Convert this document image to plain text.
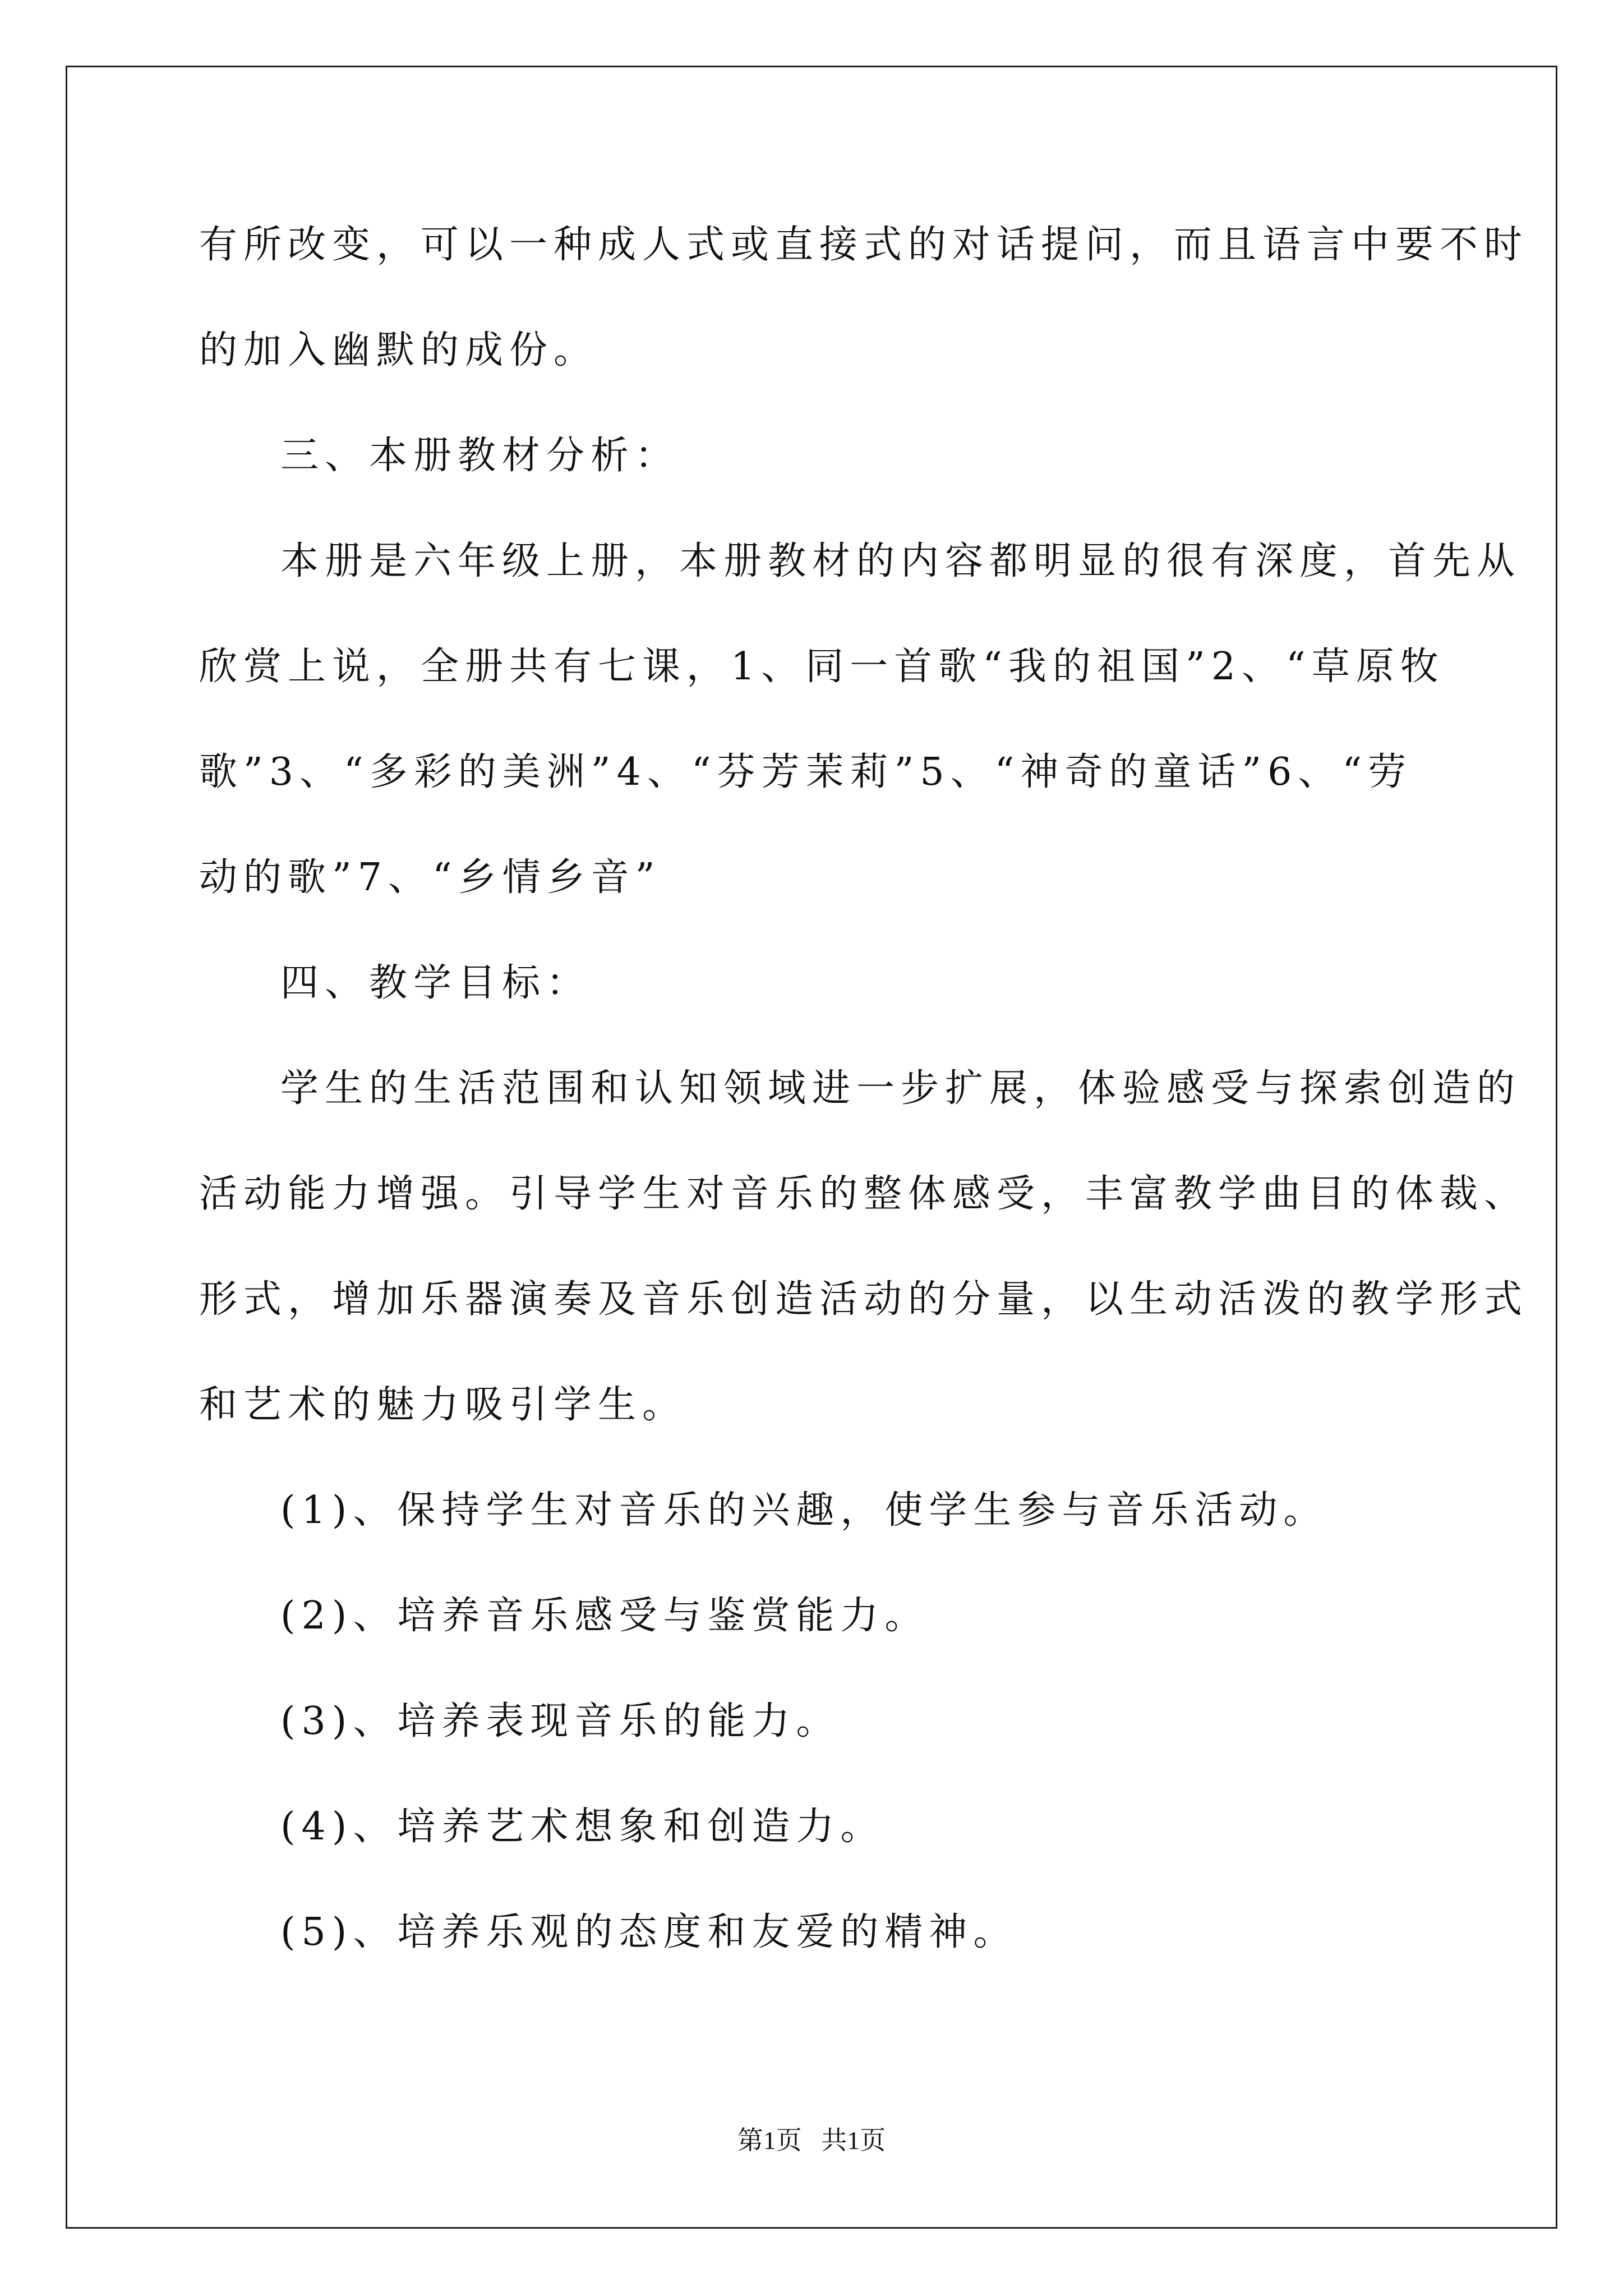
有所改变，可以一种成人式或直接式的对话提问，而且语言中要不时
的加入幽默的成份。
三、本册教材分析：
本册是六年级上册，本册教材的内容都明显的很有深度，首先从
欣赏上说，全册共有七课，1、同一首歌“我的祖国”2、“草原牧
歌”3、“多彩的美洲”4、“芬芳茉莉”5、“神奇的童话”6、“劳
动的歌”7、“乡情乡音”
四、教学目标：
学生的生活范围和认知领域进一步扩展，体验感受与探索创造的
活动能力增强。引导学生对音乐的整体感受，丰富教学曲目的体裁、
形式，增加乐器演奏及音乐创造活动的分量，以生动活泼的教学形式
和艺术的魅力吸引学生。
(1)、保持学生对音乐的兴趣，使学生参与音乐活动。
(2)、培养音乐感受与鉴赏能力。
(3)、培养表现音乐的能力。
(4)、培养艺术想象和创造力。
(5)、培养乐观的态度和友爱的精神。
第1页   共1页
